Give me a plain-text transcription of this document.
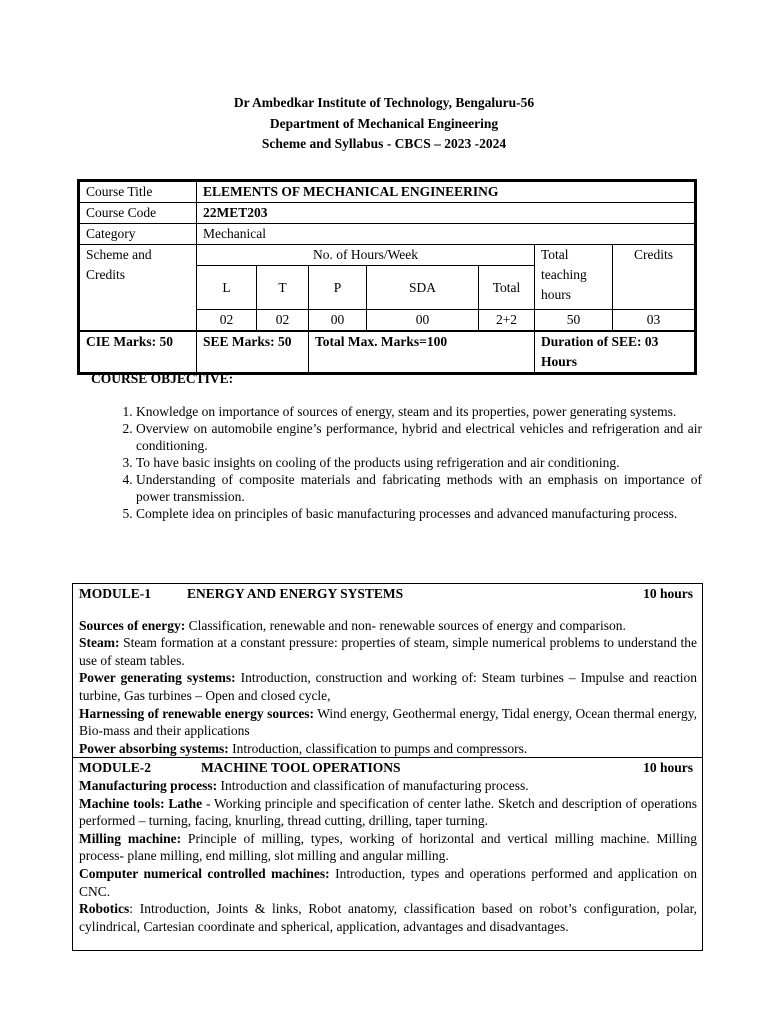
Dr Ambedkar Institute of Technology, Bengaluru-56
Department of Mechanical Engineering
Scheme and Syllabus - CBCS – 2023 -2024
Course Title	ELEMENTS OF MECHANICAL ENGINEERING						
Course Code	22MET203						
Category	Mechanical						
Scheme and Credits	No. of Hours/Week					Total teaching hours	Credits
	L	T	P	SDA	Total		
	02	02	00	00	2+2	50	03
CIE Marks: 50	SEE Marks: 50		Total Max. Marks=100			Duration of SEE: 03 Hours	
COURSE OBJECTIVE:
1. Knowledge on importance of sources of energy, steam and its properties, power generating systems.
2. Overview on automobile engine’s performance, hybrid and electrical vehicles and refrigeration and air conditioning.
3. To have basic insights on cooling of the products using refrigeration and air conditioning.
4. Understanding of composite materials and fabricating methods with an emphasis on importance of power transmission.
5. Complete idea on principles of basic manufacturing processes and advanced manufacturing process.
MODULE-1	ENERGY AND ENERGY SYSTEMS	10 hours

Sources of energy: Classification, renewable and non- renewable sources of energy and comparison.

Steam: Steam formation at a constant pressure: properties of steam, simple numerical problems to understand the use of steam tables.

Power generating systems: Introduction, construction and working of: Steam turbines – Impulse and reaction turbine, Gas turbines – Open and closed cycle,

Harnessing of renewable energy sources: Wind energy, Geothermal energy, Tidal energy, Ocean thermal energy, Bio-mass and their applications

Power absorbing systems: Introduction, classification to pumps and compressors.

MODULE-2	MACHINE TOOL OPERATIONS	10 hours

Manufacturing process: Introduction and classification of manufacturing process.

Machine tools: Lathe - Working principle and specification of center lathe. Sketch and description of operations performed – turning, facing, knurling, thread cutting, drilling, taper turning.

Milling machine: Principle of milling, types, working of horizontal and vertical milling machine. Milling process- plane milling, end milling, slot milling and angular milling.

Computer numerical controlled machines: Introduction, types and operations performed and application on CNC.

Robotics: Introduction, Joints & links, Robot anatomy, classification based on robot’s configuration, polar, cylindrical, Cartesian coordinate and spherical, application, advantages and disadvantages.
